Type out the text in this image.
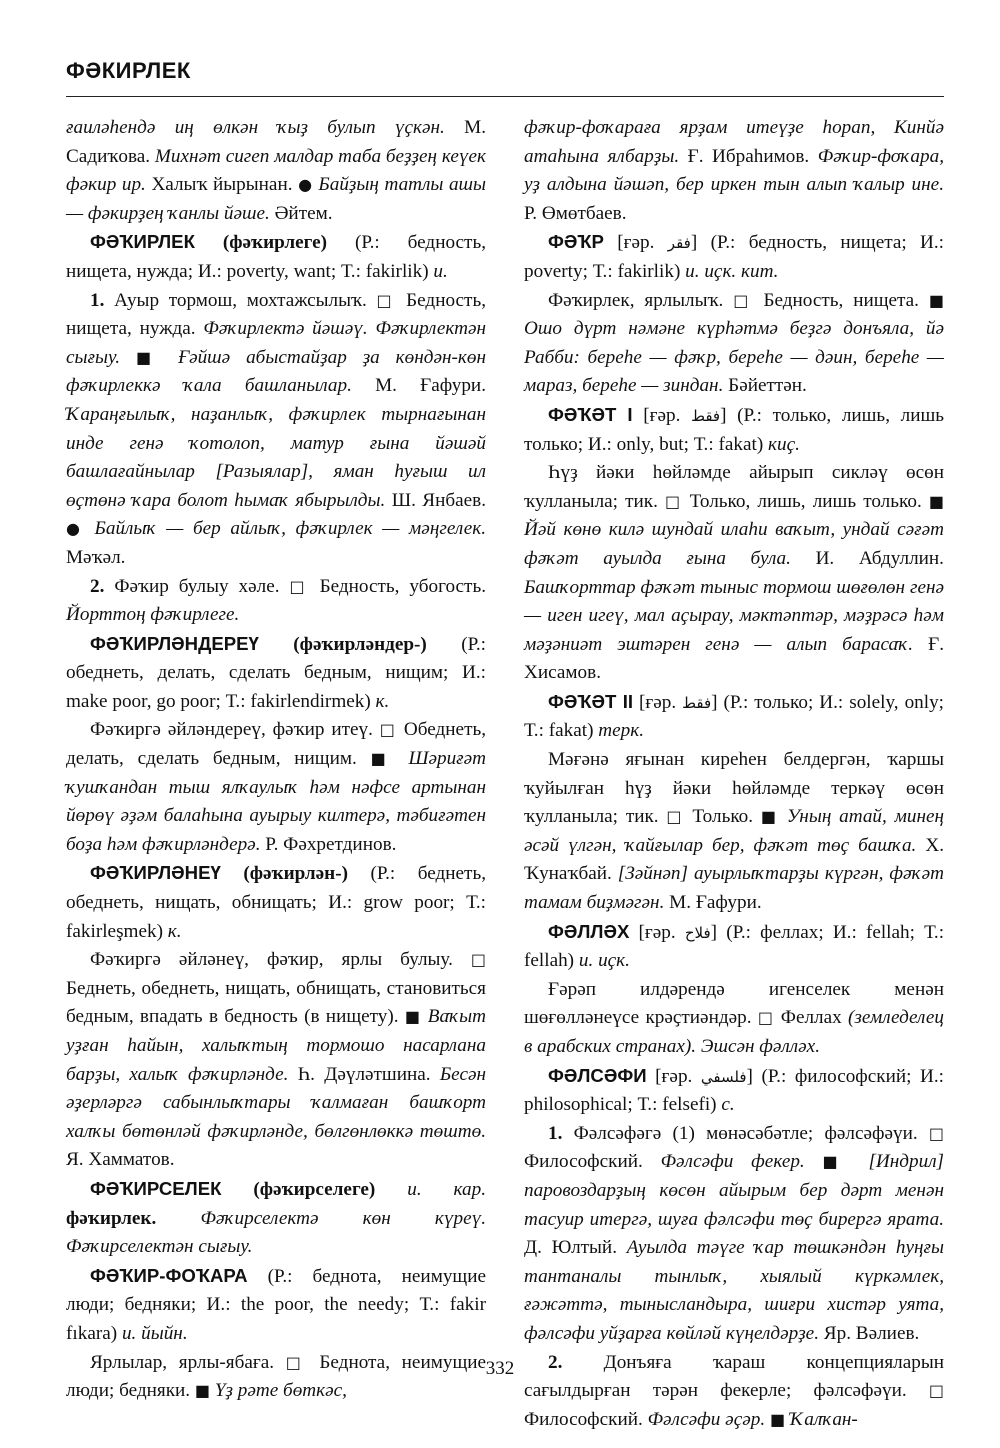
ФӘКИРЛЕК

ғаиләһендә иң өлкән ҡыҙ булып үҫкән. М. Садиҡова. Михнәт сигеп малдар таба беҙҙең кеүек фәкир ир. Халыҡ йырынан. ● Байҙың татлы ашы — фәкирҙең ҡанлы йәше. Әйтем.

ФӘҠИРЛЕК (фәҡирлеге) (Р.: бедность, нищета, нужда; И.: poverty, want; Т.: fakirlik) и.

1. Ауыр тормош, мохтажсылыҡ. □ Бедность, нищета, нужда. Фәҡирлектә йәшәү. Фәҡирлектән сығыу. ■ Ғәйшә абыстайҙар ҙа көндән-көн фәҡирлеккә ҡала башланылар. М. Ғафури. Ҡараңғылыҡ, наҙанлыҡ, фәҡирлек тырнағынан инде генә ҡотолоп, матур ғына йәшәй башлағайнылар [Разыялар], яман һуғыш ил өҫтөнә ҡара болот һымаҡ ябырылды. Ш. Янбаев. ● Байлыҡ — бер айлыҡ, фәҡирлек — мәңгелек. Мәҡәл.

2. Фәҡир булыу хәле. □ Бедность, убогость. Йорттоң фәҡирлеге.

ФӘҠИРЛӘНДЕРЕҮ (фәҡирләндер-) (Р.: обеднеть, делать, сделать бедным, нищим; И.: make poor, go poor; Т.: fakirlendirmek) к.

Фәҡиргә әйләндереү, фәҡир итеү. □ Обеднеть, делать, сделать бедным, нищим. ■ Шәриғәт ҡушҡандан тыш ялҡаулыҡ һәм нәфсе артынан йөрөү әҙәм балаһына ауырыу килтерә, тәбиғәтен боҙа һәм фәҡирләндерә. Р. Фәхретдинов.

ФӘҠИРЛӘНЕҮ (фәҡирлән-) (Р.: беднеть, обеднеть, нищать, обнищать; И.: grow poor; Т.: fakirleşmek) к.

Фәҡиргә әйләнеү, фәҡир, ярлы булыу. □ Беднеть, обеднеть, нищать, обнищать, становиться бедным, впадать в бедность (в нищету). ■ Ваҡыт уҙған һайын, халыҡтың тормошо насарлана барҙы, халыҡ фәҡирләнде. Һ. Дәүләтшина. Бесән әҙерләргә сабынлыҡтары ҡалмаған башҡорт халҡы бөтөнләй фәҡирләнде, бөлгөнлөккә төштө. Я. Хамматов.

ФӘҠИРСЕЛЕК (фәҡирселеге) и. кар. фәҡирлек. Фәҡирселектә көн күреү. Фәҡирселектән сығыу.

ФӘҠИР-ФОҠАРА (Р.: беднота, неимущие люди; бедняки; И.: the poor, the needy; Т.: fakir fıkara) и. йыйн.

Ярлылар, ярлы-ябаға. □ Беднота, неимущие люди; бедняки. ■ Үҙ рәте бөткәс,

фәҡир-фоҡараға ярҙам итеүҙе һорап, Кинйә атаһына ялбарҙы. Ғ. Ибраһимов. Фәҡир-фоҡара, уҙ алдына йәшәп, бер иркен тын алып ҡалыр ине. Р. Өмөтбаев.

ФӘҠР [ғәр. فقر] (Р.: бедность, нищета; И.: poverty; Т.: fakirlik) и. иҫк. кит.

Фәҡирлек, ярлылыҡ. □ Бедность, нищета. ■ Ошо дүрт нәмәне күрһәтмә беҙгә донъяла, йә Рабби: береһе — фәҡр, береһе — дәин, береһе — мараз, береһе — зиндан. Бәйеттән.

ФӘҠӘТ I [ғәр. فقط] (Р.: только, лишь, лишь только; И.: only, but; Т.: fakat) киҫ.

Һүҙ йәки һөйләмде айырып сикләү өсөн ҡулланыла; тик. □ Только, лишь, лишь только. ■ Йәй көнө килә шундай илаһи ваҡыт, ундай сәғәт фәҡәт ауылда ғына була. И. Абдуллин. Башҡорттар фәҡәт тыныс тормош шөғөлөн генә — иген игеү, мал аҫырау, мәктәптәр, мәҙрәсә һәм мәҙәниәт эштәрен генә — алып барасаҡ. Ғ. Хисамов.

ФӘҠӘТ II [ғәр. فقط] (Р.: только; И.: solely, only; Т.: fakat) терк.

Мәғәнә яғынан киреһен белдергән, ҡаршы ҡуйылған һүҙ йәки һөйләмде теркәү өсөн ҡулланыла; тик. □ Только. ■ Уның атай, минең әсәй үлгән, ҡайғылар бер, фәҡәт төҫ башҡа. Х. Ҡунаҡбай. [Зәйнәп] ауырлыҡтарҙы күргән, фәҡәт тамам биҙмәгән. М. Ғафури.

ФӘЛЛӘХ [ғәр. فلاح] (Р.: феллах; И.: fellah; Т.: fellah) и. иҫк.

Ғәрәп илдәрендә игенселек менән шөғөлләнеүсе крәҫтиәндәр. □ Феллах (земледелец в арабских странах). Эшсән фәлләх.

ФӘЛСӘФИ [ғәр. فلسفي] (Р.: философский; И.: philosophical; Т.: felsefi) с.

1. Фәлсәфәгә (1) мөнәсәбәтле; фәлсәфәүи. □ Философский. Фәлсәфи фекер. ■ [Индрил] паровоздарҙың көсөн айырым бер дәрт менән тасуир итергә, шуға фәлсәфи төҫ бирергә ярата. Д. Юлтый. Ауылда тәүге ҡар төшкәндән һуңғы тантаналы тынлыҡ, хыялый күркәмлек, ғәжәттә, тынысландыра, шиғри хистәр уята, фәлсәфи уйҙарға көйләй күңелдәрҙе. Яр. Вәлиев.

2. Донъяға ҡараш концепцияларын сағылдырған тәрән фекерле; фәлсәфәүи. □ Философский. Фәлсәфи әҫәр. ■ Ҡалҡан-

332
